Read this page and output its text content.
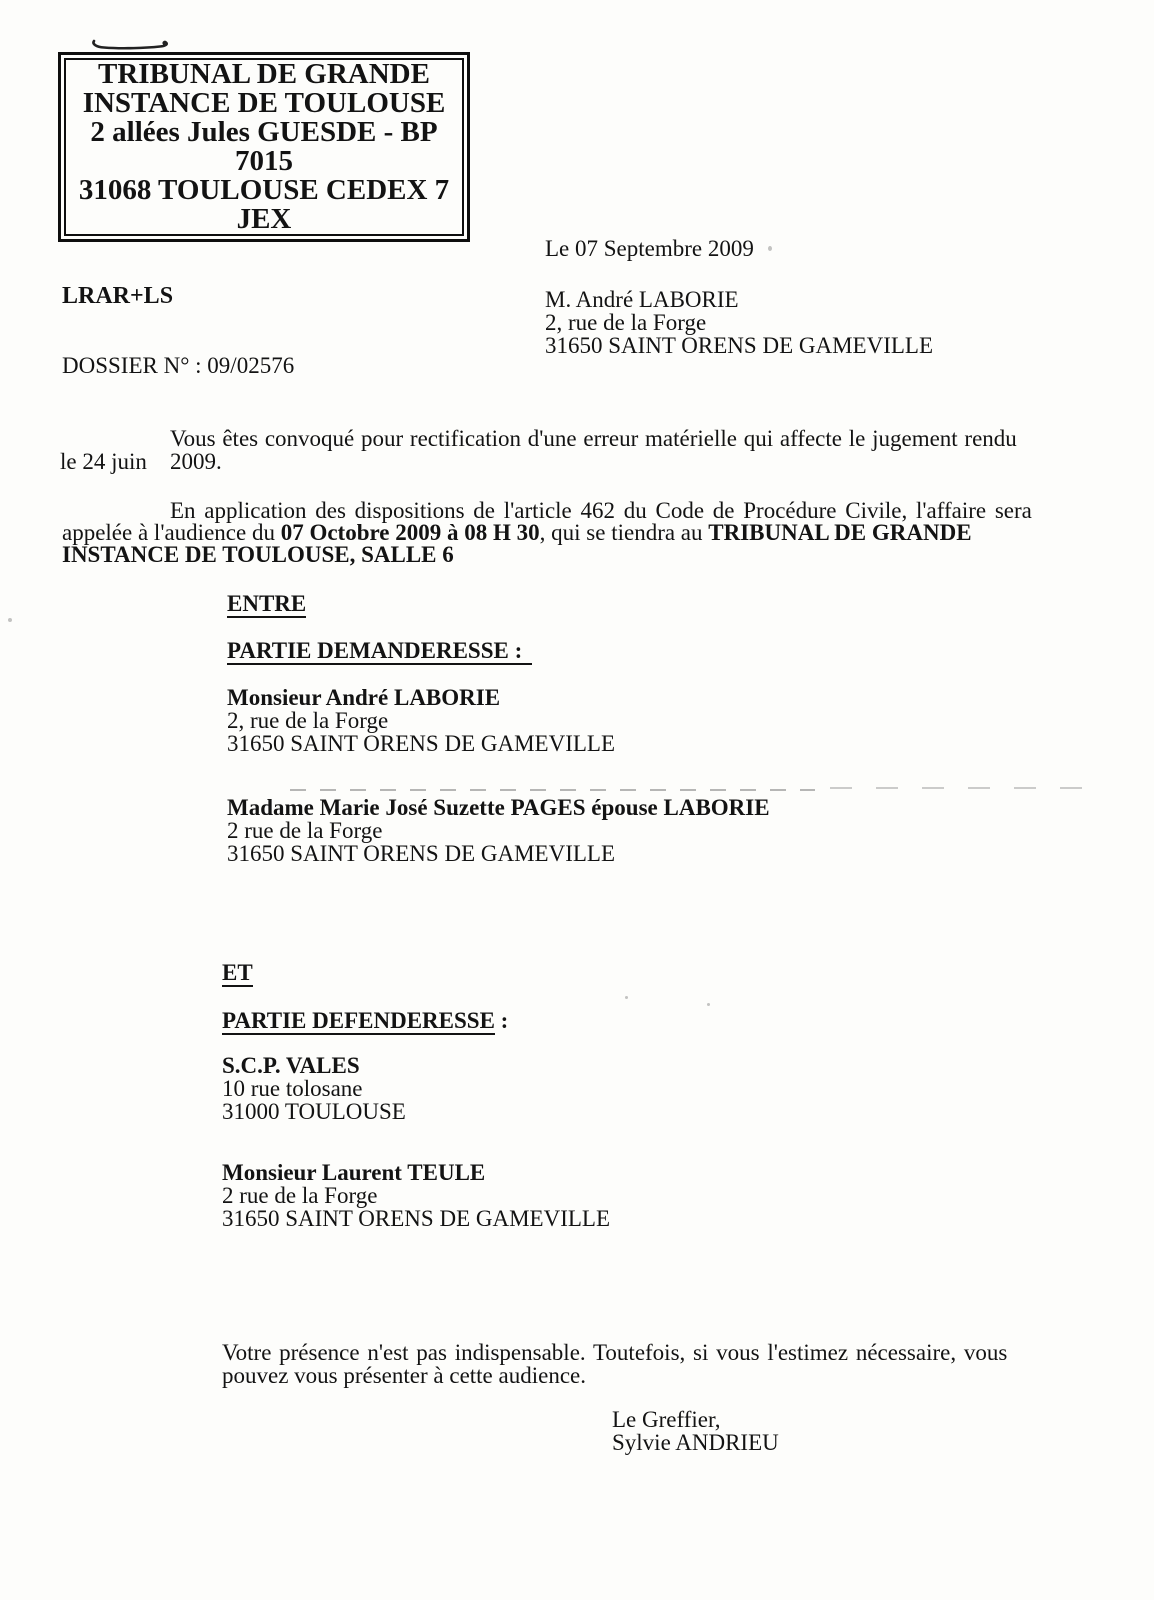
TRIBUNAL DE GRANDE
INSTANCE DE TOULOUSE
2 allées Jules GUESDE - BP
7015
31068 TOULOUSE CEDEX 7
JEX
Le 07 Septembre 2009
M. André LABORIE
2, rue de la Forge
31650 SAINT ORENS DE GAMEVILLE
LRAR+LS
DOSSIER N° : 09/02576
Vous êtes convoqué pour rectification d'une erreur matérielle qui affecte le jugement rendu
le 24 juin 2009.
En application des dispositions de l'article 462 du Code de Procédure Civile, l'affaire sera
appelée à l'audience du 07 Octobre 2009 à 08 H 30, qui se tiendra au TRIBUNAL DE GRANDE
INSTANCE DE TOULOUSE, SALLE 6
ENTRE
PARTIE DEMANDERESSE :
Monsieur André LABORIE
2, rue de la Forge
31650 SAINT ORENS DE GAMEVILLE
Madame Marie José Suzette PAGES épouse LABORIE
2 rue de la Forge
31650 SAINT ORENS DE GAMEVILLE
ET
PARTIE DEFENDERESSE :
S.C.P. VALES
10 rue tolosane
31000 TOULOUSE
Monsieur Laurent TEULE
2 rue de la Forge
31650 SAINT ORENS DE GAMEVILLE
Votre présence n'est pas indispensable. Toutefois, si vous l'estimez nécessaire, vous
pouvez vous présenter à cette audience.
Le Greffier,
Sylvie ANDRIEU
